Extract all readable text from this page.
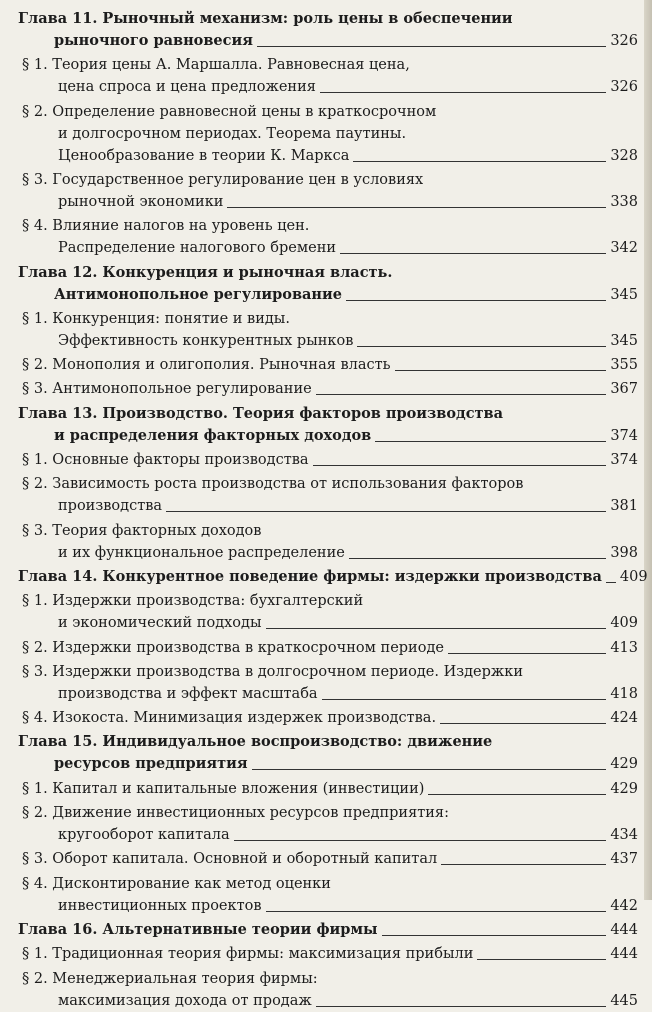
Глава 11. Рыночный механизм: роль цены в обеспечении
рыночного равновесия	326
§ 1. Теория цены А. Маршалла. Равновесная цена,
цена спроса и цена предложения	326
§ 2. Определение равновесной цены в краткосрочном
и долгосрочном периодах. Теорема паутины.
Ценообразование в теории К. Маркса	328
§ 3. Государственное регулирование цен в условиях
рыночной экономики	338
§ 4. Влияние налогов на уровень цен.
Распределение налогового бремени	342
Глава 12. Конкуренция и рыночная власть.
Антимонопольное регулирование	345
§ 1. Конкуренция: понятие и виды.
Эффективность конкурентных рынков	345
§ 2. Монополия и олигополия. Рыночная власть	355
§ 3. Антимонопольное регулирование	367
Глава 13. Производство. Теория факторов производства
и распределения факторных доходов	374
§ 1. Основные факторы производства	374
§ 2. Зависимость роста производства от использования факторов
производства	381
§ 3. Теория факторных доходов
и их функциональное распределение	398
Глава 14. Конкурентное поведение фирмы: издержки производства 409
§ 1. Издержки производства: бухгалтерский
и экономический подходы	409
§ 2. Издержки производства в краткосрочном периоде	413
§ 3. Издержки производства в долгосрочном периоде. Издержки
производства и эффект масштаба	418
§ 4. Изокоста. Минимизация издержек производства.	424
Глава 15. Индивидуальное воспроизводство: движение
ресурсов предприятия	429
§ 1. Капитал и капитальные вложения (инвестиции)	429
§ 2. Движение инвестиционных ресурсов предприятия:
кругооборот капитала	434
§ 3. Оборот капитала. Основной и оборотный капитал	437
§ 4. Дисконтирование как метод оценки
инвестиционных проектов	442
Глава 16. Альтернативные теории фирмы	444
§ 1. Традиционная теория фирмы: максимизация прибыли	444
§ 2. Менеджериальная теория фирмы:
максимизация дохода от продаж	445
